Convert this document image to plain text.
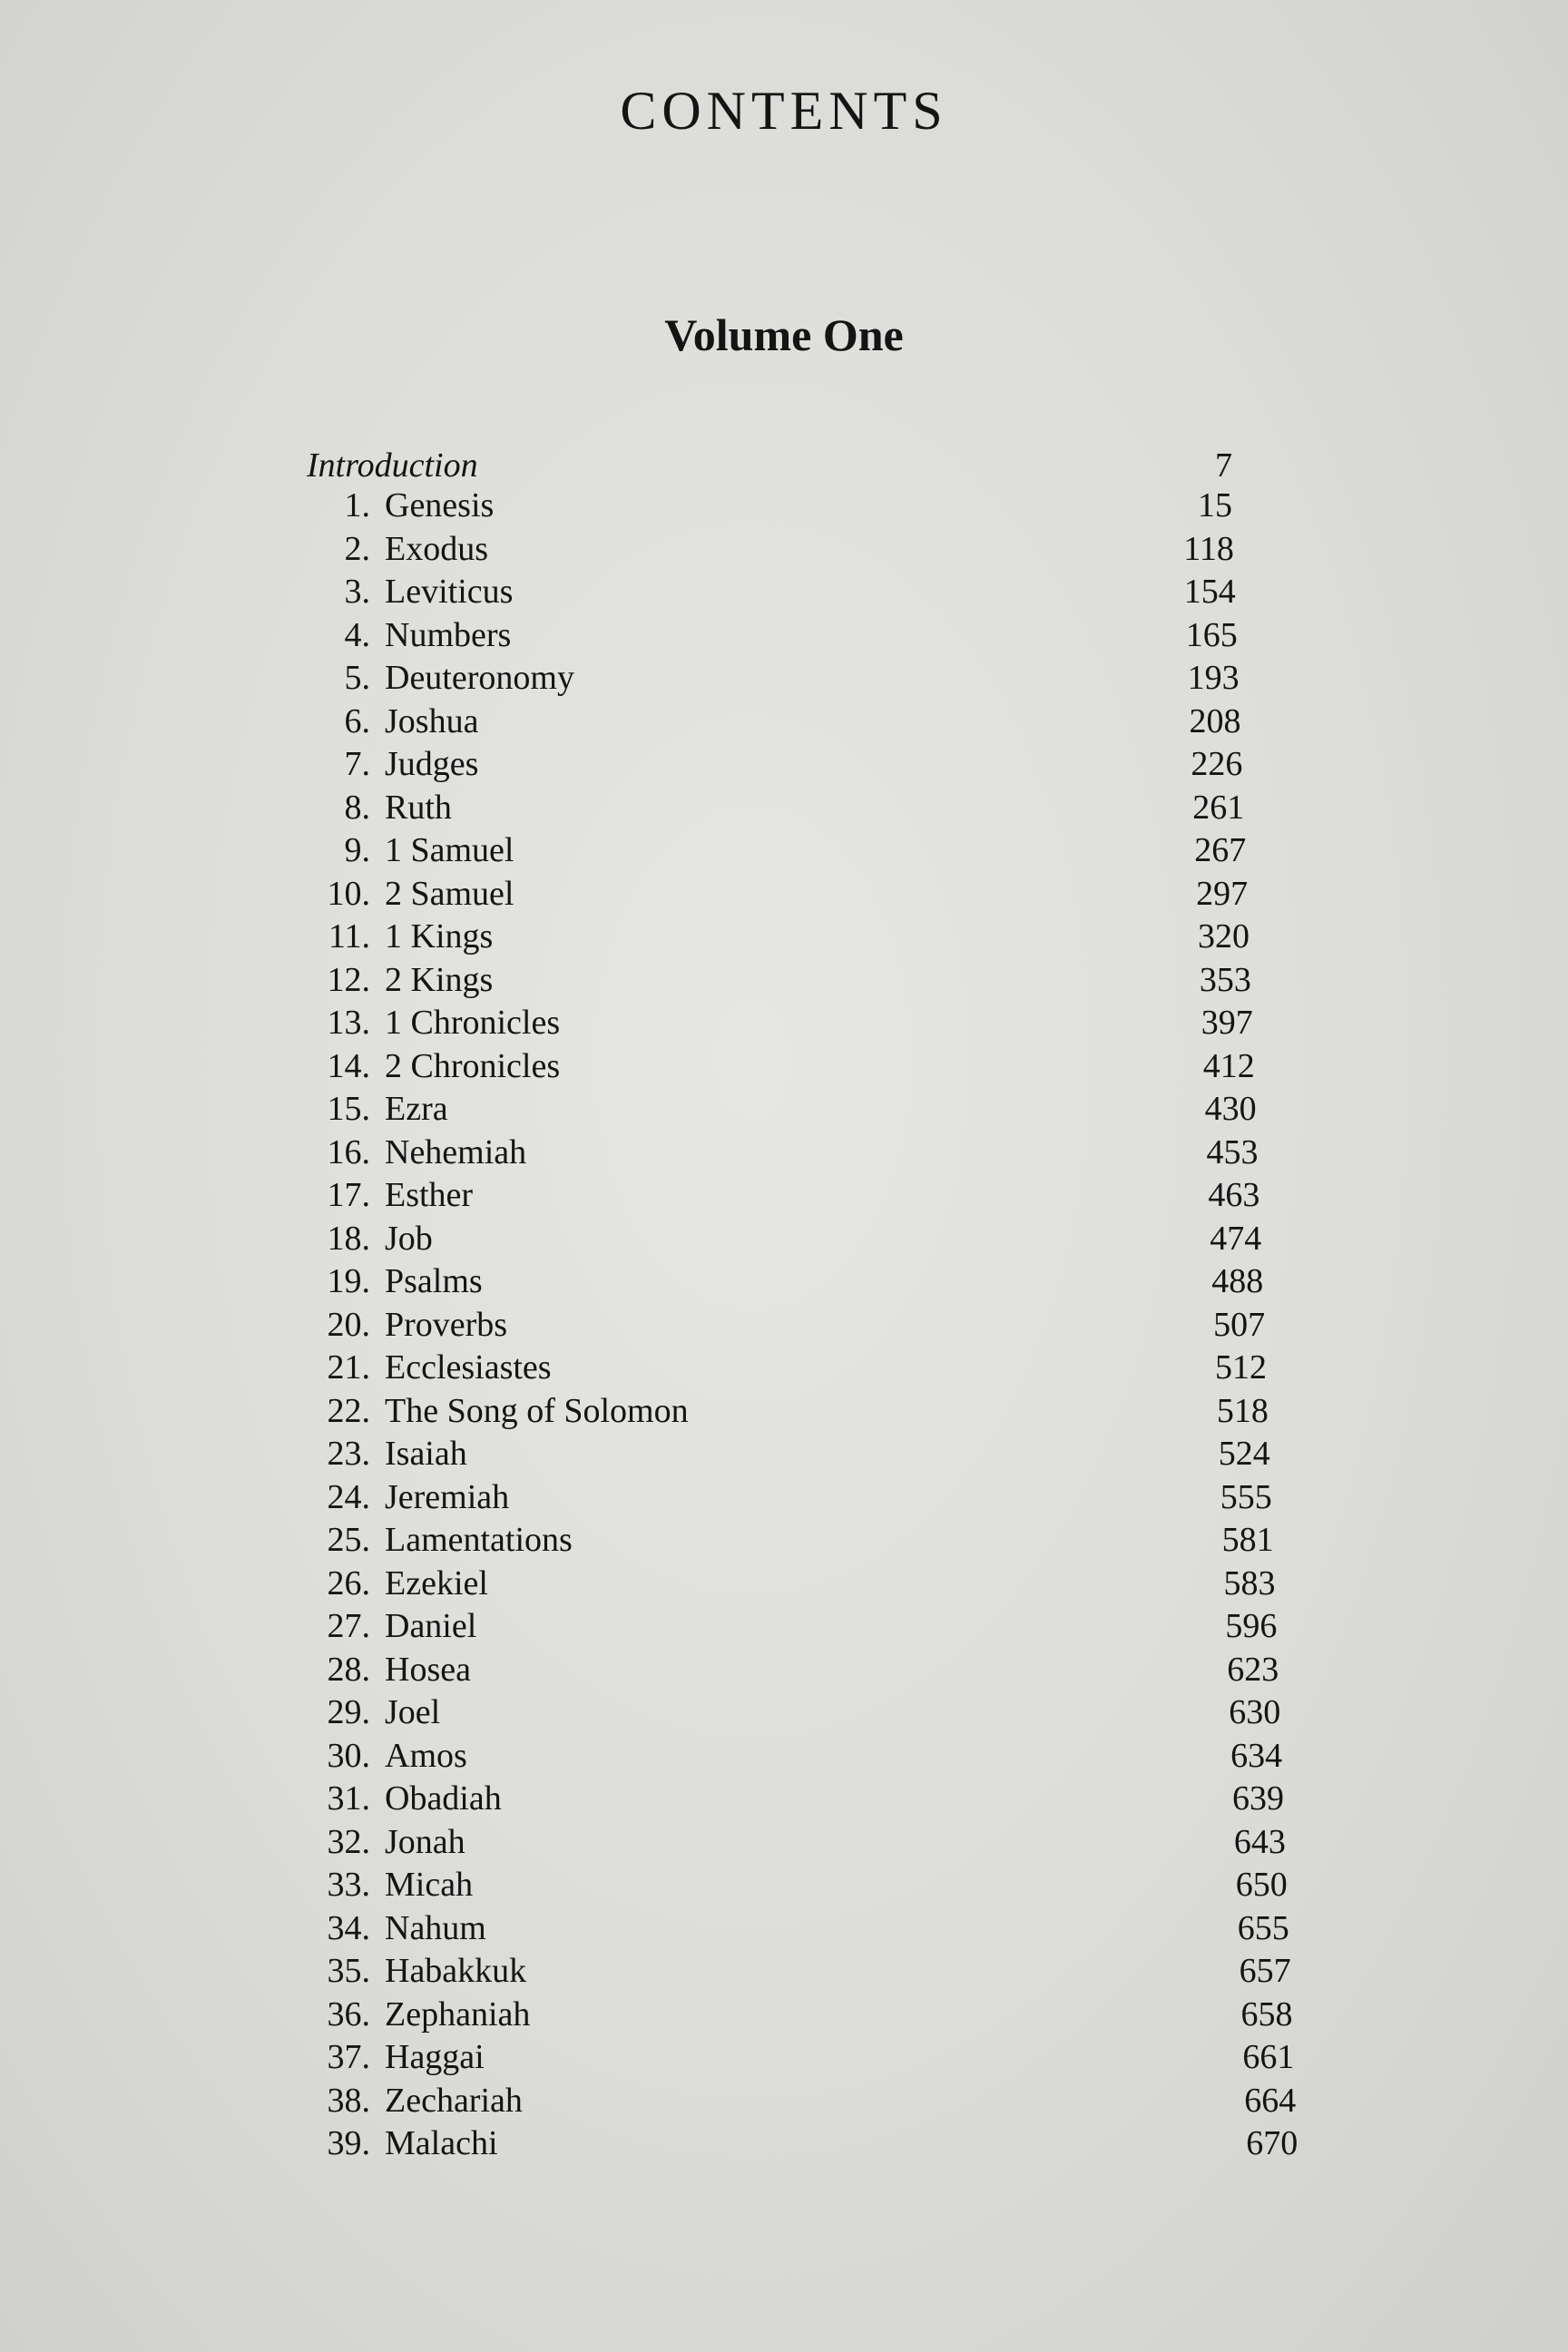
CONTENTS
Volume One
Introduction	7
1. Genesis	15
2. Exodus	118
3. Leviticus	154
4. Numbers	165
5. Deuteronomy	193
6. Joshua	208
7. Judges	226
8. Ruth	261
9. 1 Samuel	267
10. 2 Samuel	297
11. 1 Kings	320
12. 2 Kings	353
13. 1 Chronicles	397
14. 2 Chronicles	412
15. Ezra	430
16. Nehemiah	453
17. Esther	463
18. Job	474
19. Psalms	488
20. Proverbs	507
21. Ecclesiastes	512
22. The Song of Solomon	518
23. Isaiah	524
24. Jeremiah	555
25. Lamentations	581
26. Ezekiel	583
27. Daniel	596
28. Hosea	623
29. Joel	630
30. Amos	634
31. Obadiah	639
32. Jonah	643
33. Micah	650
34. Nahum	655
35. Habakkuk	657
36. Zephaniah	658
37. Haggai	661
38. Zechariah	664
39. Malachi	670
